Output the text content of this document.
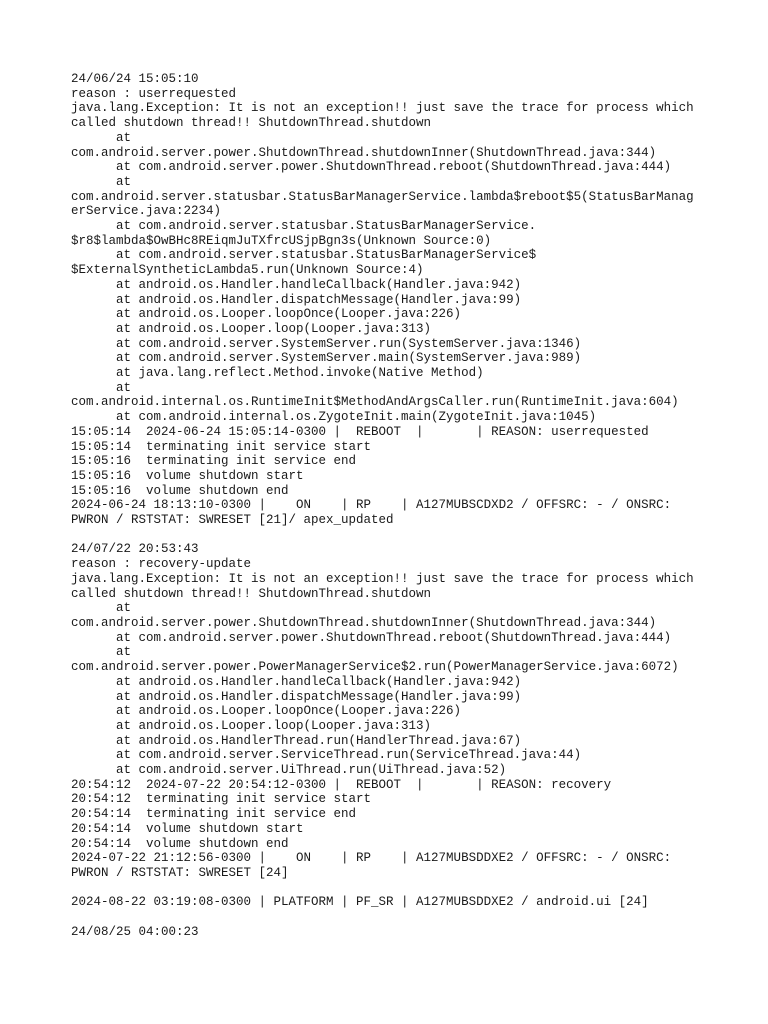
24/06/24 15:05:10
reason : userrequested
java.lang.Exception: It is not an exception!! just save the trace for process which
called shutdown thread!! ShutdownThread.shutdown
at
com.android.server.power.ShutdownThread.shutdownInner(ShutdownThread.java:344)
at com.android.server.power.ShutdownThread.reboot(ShutdownThread.java:444)
at
com.android.server.statusbar.StatusBarManagerService.lambda$reboot$5(StatusBarManag
erService.java:2234)
at com.android.server.statusbar.StatusBarManagerService.
$r8$lambda$OwBHc8REiqmJuTXfrcUSjpBgn3s(Unknown Source:0)
at com.android.server.statusbar.StatusBarManagerService$
$ExternalSyntheticLambda5.run(Unknown Source:4)
at android.os.Handler.handleCallback(Handler.java:942)
at android.os.Handler.dispatchMessage(Handler.java:99)
at android.os.Looper.loopOnce(Looper.java:226)
at android.os.Looper.loop(Looper.java:313)
at com.android.server.SystemServer.run(SystemServer.java:1346)
at com.android.server.SystemServer.main(SystemServer.java:989)
at java.lang.reflect.Method.invoke(Native Method)
at
com.android.internal.os.RuntimeInit$MethodAndArgsCaller.run(RuntimeInit.java:604)
at com.android.internal.os.ZygoteInit.main(ZygoteInit.java:1045)
15:05:14  2024-06-24 15:05:14-0300 |  REBOOT  |       | REASON: userrequested
15:05:14  terminating init service start
15:05:16  terminating init service end
15:05:16  volume shutdown start
15:05:16  volume shutdown end
2024-06-24 18:13:10-0300 |    ON    | RP    | A127MUBSCDXD2 / OFFSRC: - / ONSRC:
PWRON / RSTSTAT: SWRESET [21]/ apex_updated
24/07/22 20:53:43
reason : recovery-update
java.lang.Exception: It is not an exception!! just save the trace for process which
called shutdown thread!! ShutdownThread.shutdown
at
com.android.server.power.ShutdownThread.shutdownInner(ShutdownThread.java:344)
at com.android.server.power.ShutdownThread.reboot(ShutdownThread.java:444)
at
com.android.server.power.PowerManagerService$2.run(PowerManagerService.java:6072)
at android.os.Handler.handleCallback(Handler.java:942)
at android.os.Handler.dispatchMessage(Handler.java:99)
at android.os.Looper.loopOnce(Looper.java:226)
at android.os.Looper.loop(Looper.java:313)
at android.os.HandlerThread.run(HandlerThread.java:67)
at com.android.server.ServiceThread.run(ServiceThread.java:44)
at com.android.server.UiThread.run(UiThread.java:52)
20:54:12  2024-07-22 20:54:12-0300 |  REBOOT  |       | REASON: recovery
20:54:12  terminating init service start
20:54:14  terminating init service end
20:54:14  volume shutdown start
20:54:14  volume shutdown end
2024-07-22 21:12:56-0300 |    ON    | RP    | A127MUBSDDXE2 / OFFSRC: - / ONSRC:
PWRON / RSTSTAT: SWRESET [24]
2024-08-22 03:19:08-0300 | PLATFORM | PF_SR | A127MUBSDDXE2 / android.ui [24]
24/08/25 04:00:23
